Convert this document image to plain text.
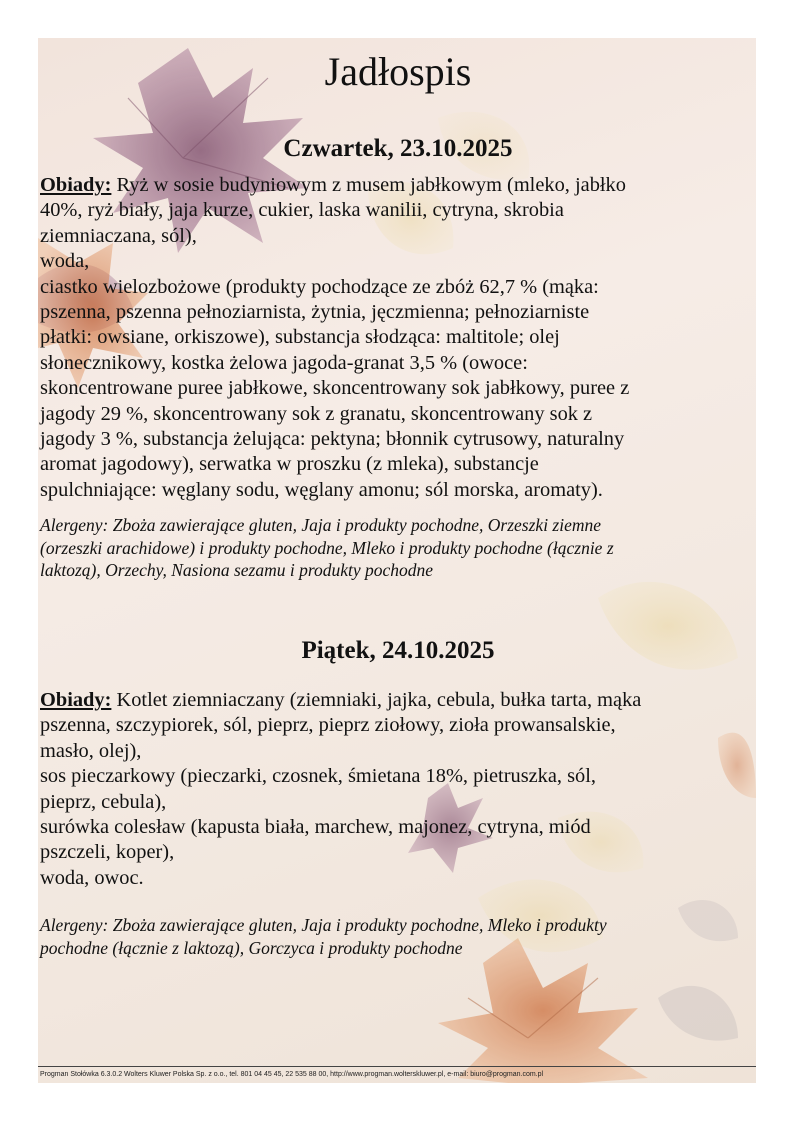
Jadłospis
Czwartek, 23.10.2025
Obiady: Ryż w sosie budyniowym z musem jabłkowym (mleko, jabłko
40%, ryż biały, jaja kurze, cukier, laska wanilii, cytryna, skrobia
ziemniaczana, sól),
woda,
ciastko wielozbożowe (produkty pochodzące ze zbóż 62,7 % (mąka:
pszenna, pszenna pełnoziarnista, żytnia, jęczmienna; pełnoziarniste
płatki: owsiane, orkiszowe), substancja słodząca: maltitole; olej
słonecznikowy, kostka żelowa jagoda-granat 3,5 % (owoce:
skoncentrowane puree jabłkowe, skoncentrowany sok jabłkowy, puree z
jagody 29 %, skoncentrowany sok z granatu, skoncentrowany sok z
jagody 3 %, substancja żelująca: pektyna; błonnik cytrusowy, naturalny
aromat jagodowy), serwatka w proszku (z mleka), substancje
spulchniające: węglany sodu, węglany amonu; sól morska, aromaty).
Alergeny: Zboża zawierające gluten, Jaja i produkty pochodne, Orzeszki ziemne
(orzeszki arachidowe) i produkty pochodne, Mleko i produkty pochodne (łącznie z
laktozą), Orzechy, Nasiona sezamu i produkty pochodne
Piątek, 24.10.2025
Obiady: Kotlet ziemniaczany (ziemniaki, jajka, cebula, bułka tarta, mąka
pszenna, szczypiorek, sól, pieprz, pieprz ziołowy, zioła prowansalskie,
masło, olej),
sos pieczarkowy (pieczarki, czosnek, śmietana 18%, pietruszka, sól,
pieprz, cebula),
surówka colesław (kapusta biała, marchew, majonez, cytryna, miód
pszczeli, koper),
woda, owoc.
Alergeny: Zboża zawierające gluten, Jaja i produkty pochodne, Mleko i produkty
pochodne (łącznie z laktozą), Gorczyca i produkty pochodne
Progman Stołówka 6.3.0.2 Wolters Kluwer Polska Sp. z o.o., tel. 801 04 45 45, 22 535 88 00, http://www.progman.wolterskluwer.pl, e-mail: biuro@progman.com.pl
